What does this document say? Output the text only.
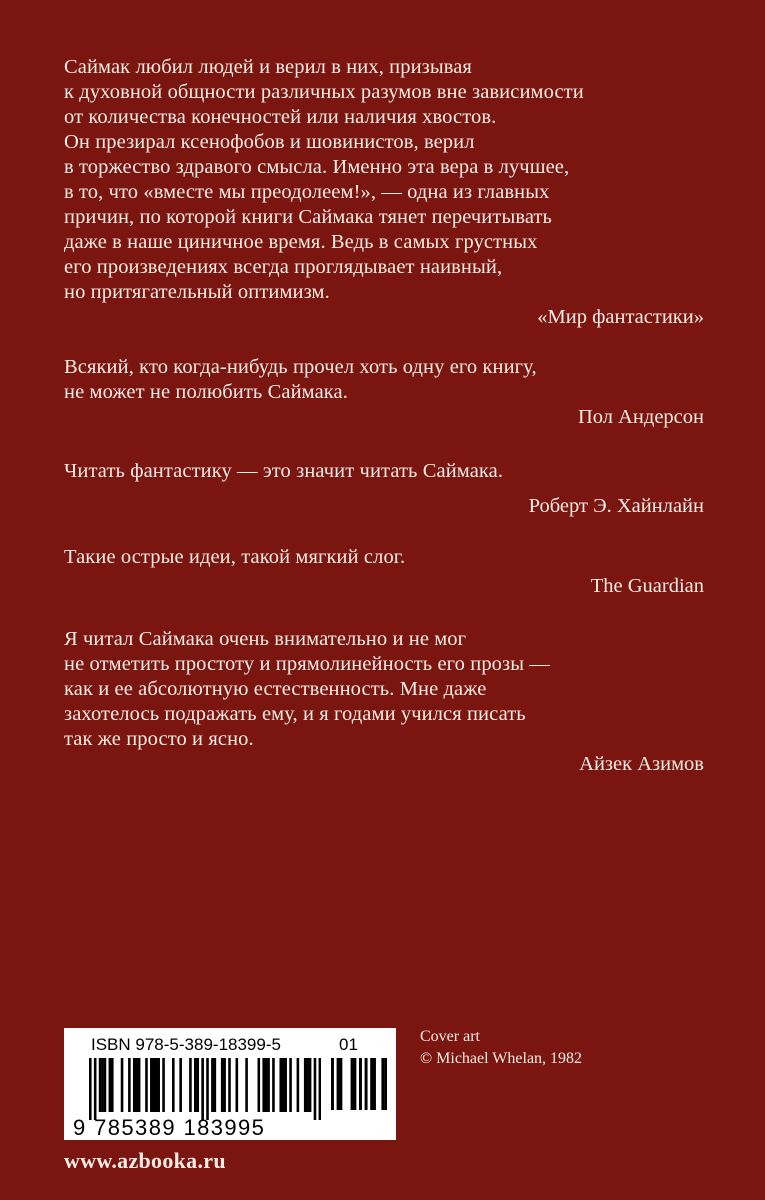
Саймак любил людей и верил в них, призывая
к духовной общности различных разумов вне зависимости
от количества конечностей или наличия хвостов.
Он презирал ксенофобов и шовинистов, верил
в торжество здравого смысла. Именно эта вера в лучшее,
в то, что «вместе мы преодолеем!», — одна из главных
причин, по которой книги Саймака тянет перечитывать
даже в наше циничное время. Ведь в самых грустных
его произведениях всегда проглядывает наивный,
но притягательный оптимизм.
«Мир фантастики»
Всякий, кто когда-нибудь прочел хоть одну его книгу,
не может не полюбить Саймака.
Пол Андерсон
Читать фантастику — это значит читать Саймака.
Роберт Э. Хайнлайн
Такие острые идеи, такой мягкий слог.
The Guardian
Я читал Саймака очень внимательно и не мог
не отметить простоту и прямолинейность его прозы —
как и ее абсолютную естественность. Мне даже
захотелось подражать ему, и я годами учился писать
так же просто и ясно.
Айзек Азимов
ISBN 978-5-389-18399-5	01
9 785389 183995
Cover art
© Michael Whelan, 1982
www.azbooka.ru
